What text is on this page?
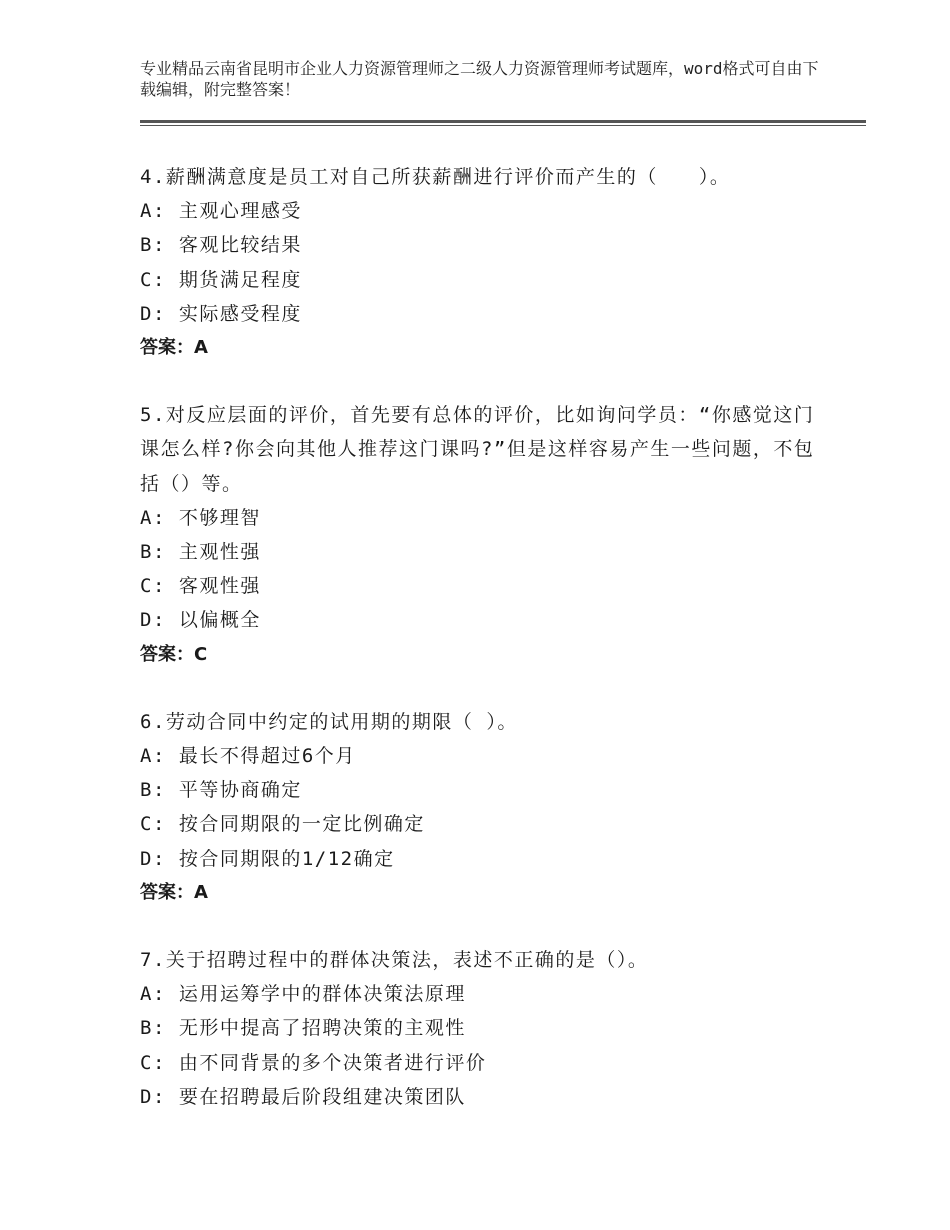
专业精品云南省昆明市企业人力资源管理师之二级人力资源管理师考试题库，word格式可自由下载编辑，附完整答案！
4.薪酬满意度是员工对自己所获薪酬进行评价而产生的（　　）。
A: 主观心理感受
B: 客观比较结果
C: 期货满足程度
D: 实际感受程度
答案：A
5.对反应层面的评价，首先要有总体的评价，比如询问学员：“你感觉这门课怎么样?你会向其他人推荐这门课吗?”但是这样容易产生一些问题，不包括（）等。
A: 不够理智
B: 主观性强
C: 客观性强
D: 以偏概全
答案：C
6.劳动合同中约定的试用期的期限（ ）。
A: 最长不得超过6个月
B: 平等协商确定
C: 按合同期限的一定比例确定
D: 按合同期限的1/12确定
答案：A
7.关于招聘过程中的群体决策法，表述不正确的是（）。
A: 运用运筹学中的群体决策法原理
B: 无形中提高了招聘决策的主观性
C: 由不同背景的多个决策者进行评价
D: 要在招聘最后阶段组建决策团队
